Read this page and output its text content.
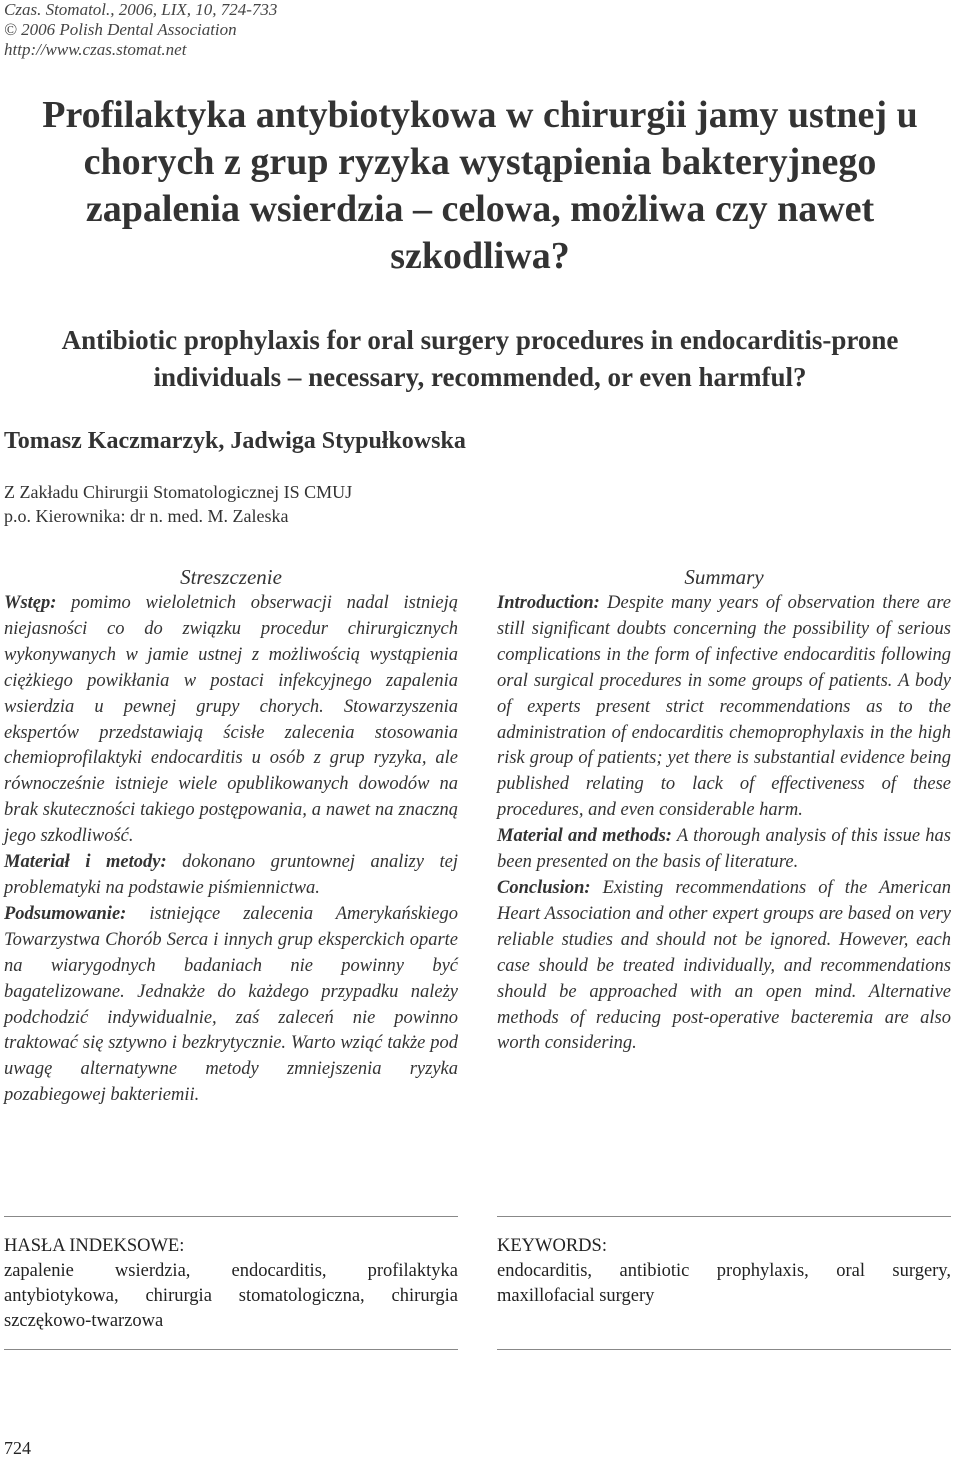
Czas. Stomatol., 2006, LIX, 10, 724-733
© 2006 Polish Dental Association
http://www.czas.stomat.net
Profilaktyka antybiotykowa w chirurgii jamy ustnej u chorych z grup ryzyka wystąpienia bakteryjnego zapalenia wsierdzia – celowa, możliwa czy nawet szkodliwa?
Antibiotic prophylaxis for oral surgery procedures in endocarditis-prone individuals – necessary, recommended, or even harmful?
Tomasz Kaczmarzyk, Jadwiga Stypułkowska
Z Zakładu Chirurgii Stomatologicznej IS CMUJ
p.o. Kierownika: dr n. med. M. Zaleska
Streszczenie

Wstęp: pomimo wieloletnich obserwacji nadal istnieją niejasności co do związku procedur chirurgicznych wykonywanych w jamie ustnej z możliwością wystąpienia ciężkiego powikłania w postaci infekcyjnego zapalenia wsierdzia u pewnej grupy chorych. Stowarzyszenia ekspertów przedstawiają ścisłe zalecenia stosowania chemioprofilaktyki endocarditis u osób z grup ryzyka, ale równocześnie istnieje wiele opublikowanych dowodów na brak skuteczności takiego postępowania, a nawet na znaczną jego szkodliwość.

Materiał i metody: dokonano gruntownej analizy tej problematyki na podstawie piśmiennictwa.

Podsumowanie: istniejące zalecenia Amerykańskiego Towarzystwa Chorób Serca i innych grup eksperckich oparte na wiarygodnych badaniach nie powinny być bagatelizowane. Jednakże do każdego przypadku należy podchodzić indywidualnie, zaś zaleceń nie powinno traktować się sztywno i bezkrytycznie. Warto wziąć także pod uwagę alternatywne metody zmniejszenia ryzyka pozabiegowej bakteriemii.

Summary

Introduction: Despite many years of observation there are still significant doubts concerning the possibility of serious complications in the form of infective endocarditis following oral surgical procedures in some groups of patients. A body of experts present strict recommendations as to the administration of endocarditis chemoprophylaxis in the high risk group of patients; yet there is substantial evidence being published relating to lack of effectiveness of these procedures, and even considerable harm.

Material and methods: A thorough analysis of this issue has been presented on the basis of literature.

Conclusion: Existing recommendations of the American Heart Association and other expert groups are based on very reliable studies and should not be ignored. However, each case should be treated individually, and recommendations should be approached with an open mind. Alternative methods of reducing post-operative bacteremia are also worth considering.

HASŁA INDEKSOWE:

zapalenie wsierdzia, endocarditis, profilaktyka antybiotykowa, chirurgia stomatologiczna, chirurgia szczękowo-twarzowa

KEYWORDS:

endocarditis, antibiotic prophylaxis, oral surgery, maxillofacial surgery

724
